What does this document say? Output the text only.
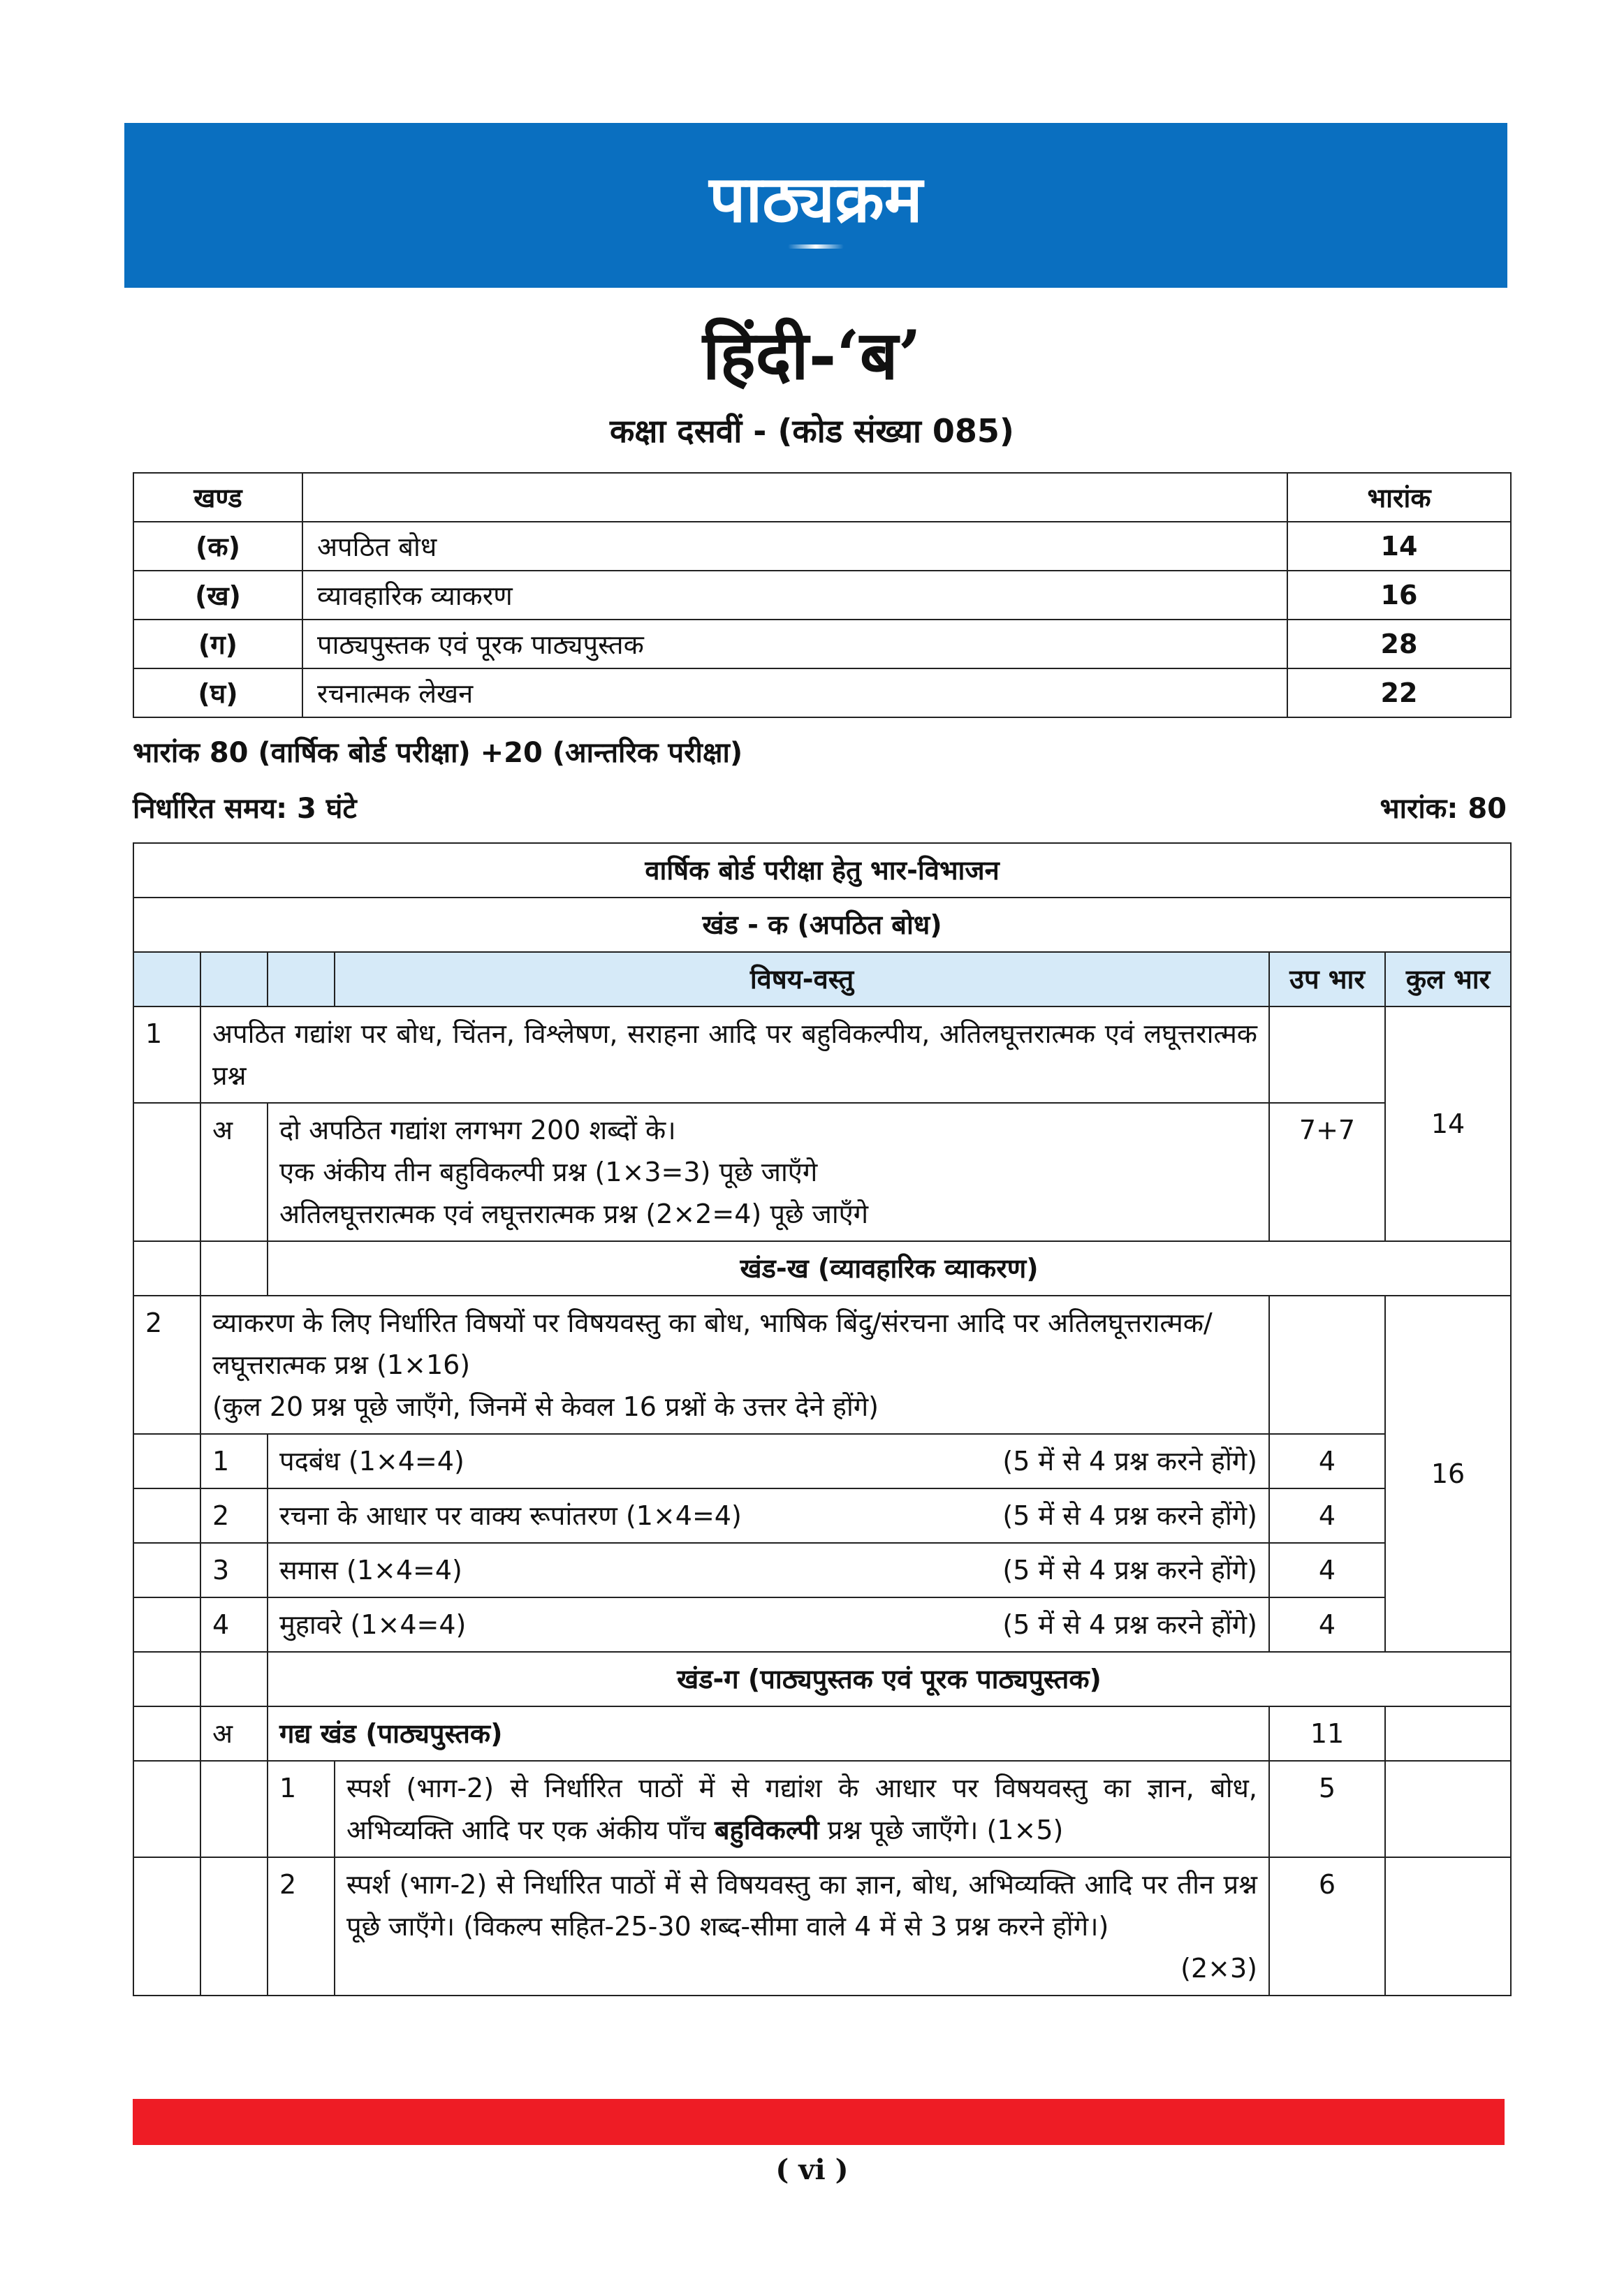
पाठ्यक्रम
हिंदी-‘ब’
कक्षा दसवीं - (कोड संख्या 085)
खण्ड		भारांक
(क)	अपठित बोध	14
(ख)	व्यावहारिक व्याकरण	16
(ग)	पाठ्यपुस्तक एवं पूरक पाठ्यपुस्तक	28
(घ)	रचनात्मक लेखन	22
भारांक 80 (वार्षिक बोर्ड परीक्षा) +20 (आन्तरिक परीक्षा)
निर्धारित समय: 3 घंटे	भारांक: 80
वार्षिक बोर्ड परीक्षा हेतु भार-विभाजन					
खंड - क (अपठित बोध)					
			विषय-वस्तु	उप भार	कुल भार
1	अपठित गद्यांश पर बोध, चिंतन, विश्लेषण, सराहना आदि पर बहुविकल्पीय, अतिलघूत्तरात्मक एवं लघूत्तरात्मक प्रश्न				14
	अ	दो अपठित गद्यांश लगभग 200 शब्दों के।
एक अंकीय तीन बहुविकल्पी प्रश्न (1×3=3) पूछे जाएँगे
अतिलघूत्तरात्मक एवं लघूत्तरात्मक प्रश्न (2×2=4) पूछे जाएँगे		7+7	
		खंड-ख (व्यावहारिक व्याकरण)			
2	व्याकरण के लिए निर्धारित विषयों पर विषयवस्तु का बोध, भाषिक बिंदु/संरचना आदि पर अतिलघूत्तरात्मक/लघूत्तरात्मक प्रश्न (1×16)
(कुल 20 प्रश्न पूछे जाएँगे, जिनमें से केवल 16 प्रश्नों के उत्तर देने होंगे)				16
	1	पदबंध (1×4=4) (5 में से 4 प्रश्न करने होंगे)		4	
	2	रचना के आधार पर वाक्य रूपांतरण (1×4=4) (5 में से 4 प्रश्न करने होंगे)		4	
	3	समास (1×4=4) (5 में से 4 प्रश्न करने होंगे)		4	
	4	मुहावरे (1×4=4) (5 में से 4 प्रश्न करने होंगे)		4	
		खंड-ग (पाठ्यपुस्तक एवं पूरक पाठ्यपुस्तक)			
	अ	गद्य खंड (पाठ्यपुस्तक)		11	
		1	स्पर्श (भाग-2) से निर्धारित पाठों में से गद्यांश के आधार पर विषयवस्तु का ज्ञान, बोध, अभिव्यक्ति आदि पर एक अंकीय पाँच बहुविकल्पी प्रश्न पूछे जाएँगे। (1×5)	5	
		2	स्पर्श (भाग-2) से निर्धारित पाठों में से विषयवस्तु का ज्ञान, बोध, अभिव्यक्ति आदि पर तीन प्रश्न पूछे जाएँगे। (विकल्प सहित-25-30 शब्द-सीमा वाले 4 में से 3 प्रश्न करने होंगे।)
(2×3)	6	
( vi )
